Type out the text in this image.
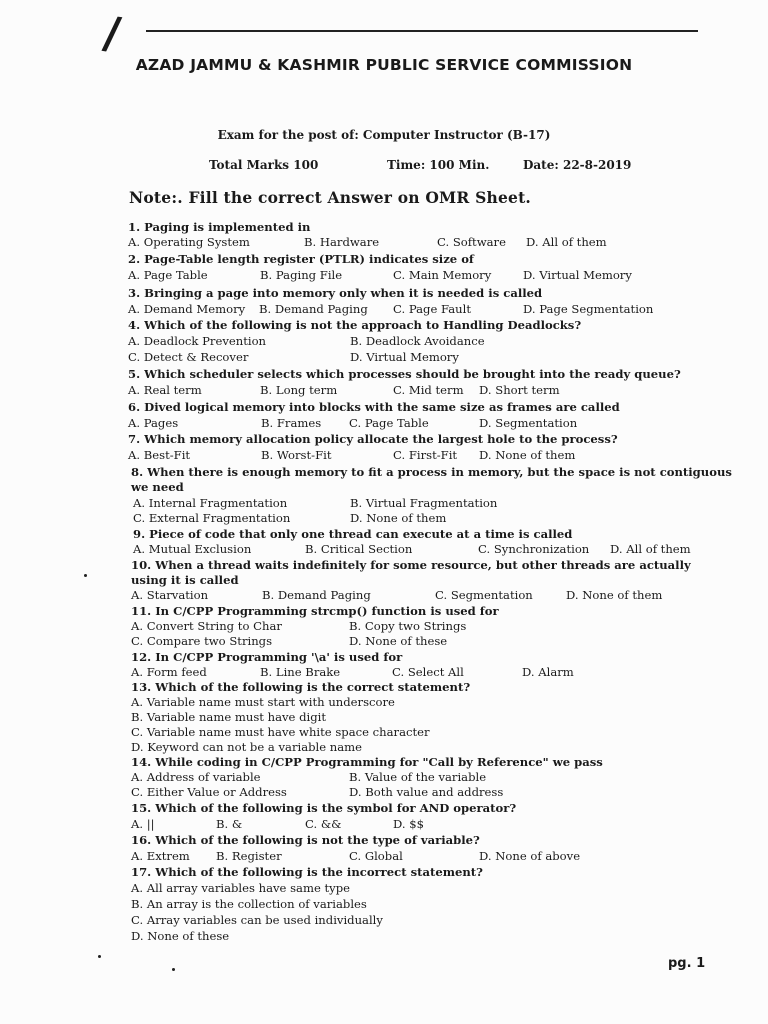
/
AZAD JAMMU & KASHMIR PUBLIC SERVICE COMMISSION
Exam for the post of: Computer Instructor (B-17)
Total Marks 100	Time: 100 Min.	Date: 22-8-2019
Note:. Fill the correct Answer on OMR Sheet.
1. Paging is implemented in
A. Operating System	B. Hardware	C. Software D. All of them
2. Page-Table length register (PTLR) indicates size of
A. Page Table	B. Paging File	C. Main Memory	D. Virtual Memory
3. Bringing a page into memory only when it is needed is called
A. Demand Memory B. Demand Paging C. Page Fault	D. Page Segmentation
4. Which of the following is not the approach to Handling Deadlocks?
A. Deadlock Prevention	B. Deadlock Avoidance
C. Detect & Recover	D. Virtual Memory
5. Which scheduler selects which processes should be brought into the ready queue?
A. Real term	B. Long term	C. Mid term D. Short term
6. Dived logical memory into blocks with the same size as frames are called
A. Pages	B. Frames C. Page Table	D. Segmentation
7. Which memory allocation policy allocate the largest hole to the process?
A. Best-Fit	B. Worst-Fit	C. First-Fit D. None of them
8. When there is enough memory to fit a process in memory, but the space is not contiguous
we need
A. Internal Fragmentation	B. Virtual Fragmentation
C. External Fragmentation	D. None of them
9. Piece of code that only one thread can execute at a time is called
A. Mutual Exclusion	B. Critical Section	C. Synchronization D. All of them
10. When a thread waits indefinitely for some resource, but other threads are actually
using it is called
A. Starvation	B. Demand Paging	C. Segmentation	D. None of them
11. In C/CPP Programming strcmp() function is used for
A. Convert String to Char	B. Copy two Strings
C. Compare two Strings	D. None of these
12. In C/CPP Programming '\a' is used for
A. Form feed	B. Line Brake	C. Select All	D. Alarm
13. Which of the following is the correct statement?
A. Variable name must start with underscore
B. Variable name must have digit
C. Variable name must have white space character
D. Keyword can not be a variable name
14. While coding in C/CPP Programming for "Call by Reference" we pass
A. Address of variable	B. Value of the variable
C. Either Value or Address	D. Both value and address
15. Which of the following is the symbol for AND operator?
A. ||	B. &	C. &&	D. $$
16. Which of the following is not the type of variable?
A. Extrem B. Register	C. Global	D. None of above
17. Which of the following is the incorrect statement?
A. All array variables have same type
B. An array is the collection of variables
C. Array variables can be used individually
D. None of these
pg. 1
